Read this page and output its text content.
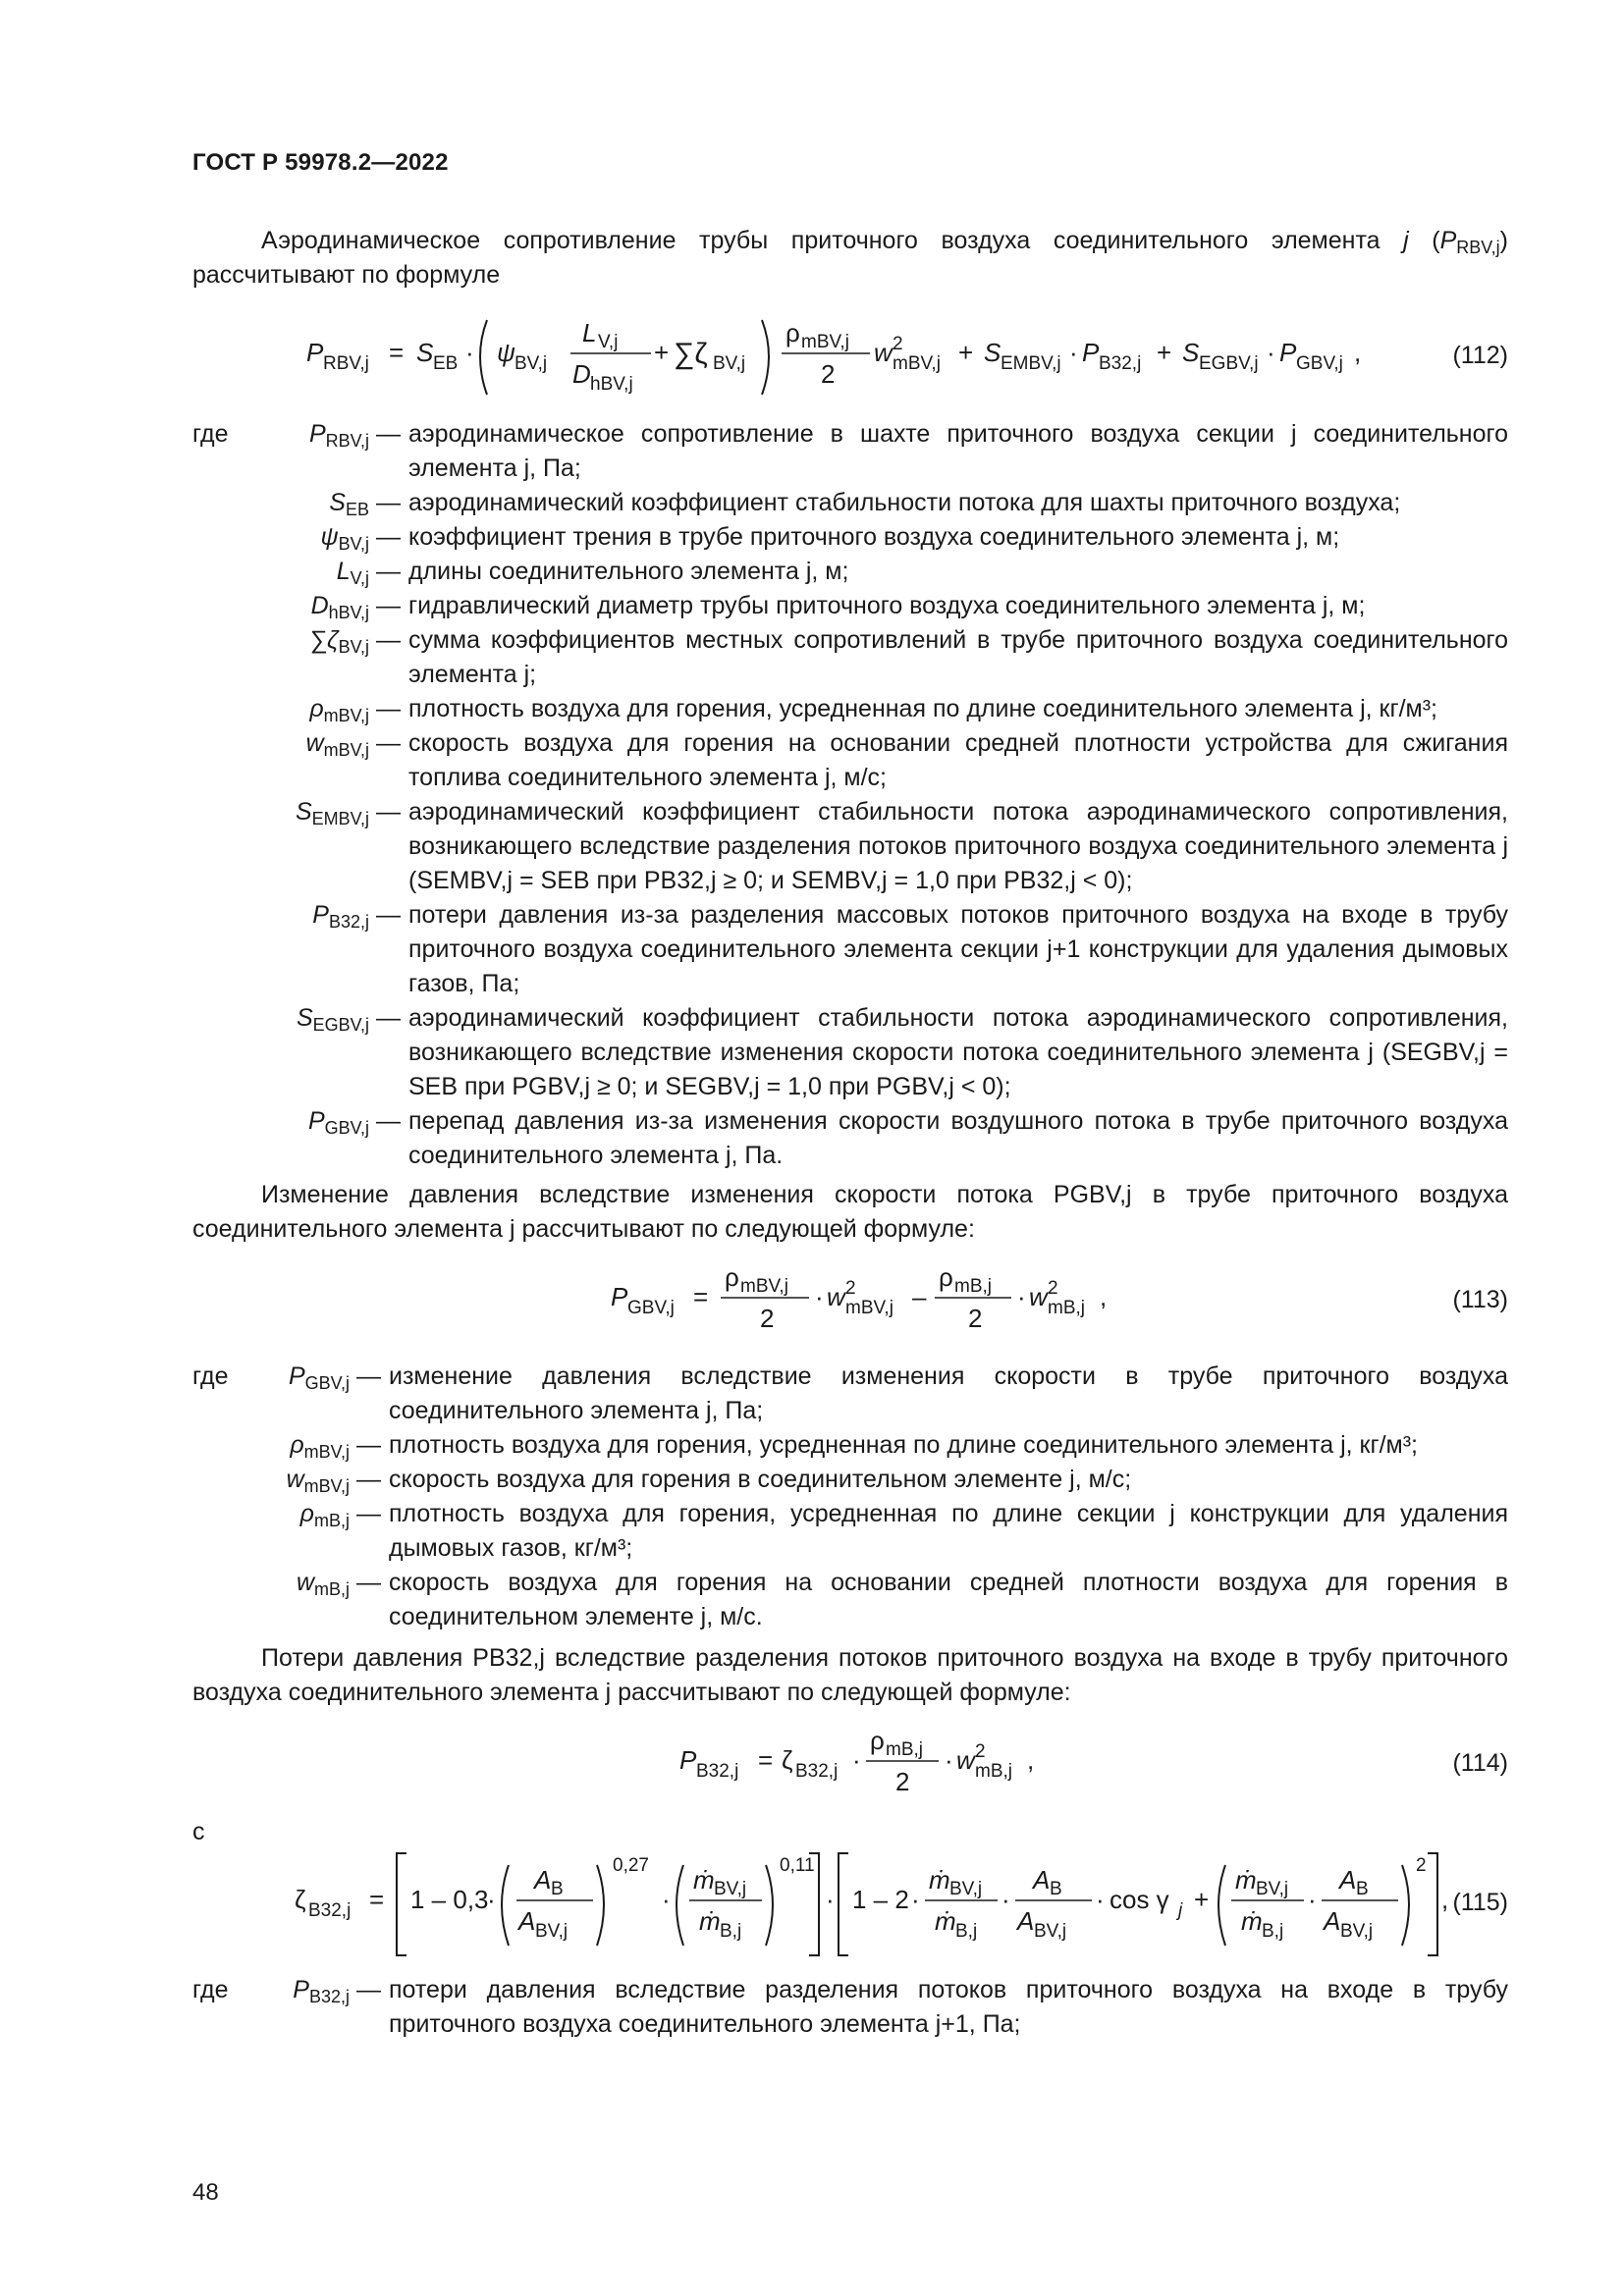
ГОСТ Р 59978.2—2022
Аэродинамическое сопротивление трубы приточного воздуха соединительного элемента j $(P_{RBV,j})$ рассчитывают по формуле
P RBV,j = S EB · ψ BV,j
L V,j
D hBV,j
+ ∑ζ BV,j
ρ mBV,j
2
w 2
mBV,j + S EMBV,j · P B32,j + S EGBV,j · P GBV,j ,	(112)
где	$P_{RBV,j}$ — аэродинамическое сопротивление в шахте приточного воздуха секции j соединительного элемента j, Па;
$S_{EB}$ — аэродинамический коэффициент стабильности потока для шахты приточного воздуха;
$\psi_{BV,j}$ — коэффициент трения в трубе приточного воздуха соединительного элемента j, м;
$L_{V,j}$ — длины соединительного элемента j, м;
$D_{hBV,j}$ — гидравлический диаметр трубы приточного воздуха соединительного элемента j, м;
$\sum\zeta_{BV,j}$ — сумма коэффициентов местных сопротивлений в трубе приточного воздуха соединительного элемента j;
$\rho_{mBV,j}$ — плотность воздуха для горения, усредненная по длине соединительного элемента j, кг/м³;
$w_{mBV,j}$ — скорость воздуха для горения на основании средней плотности устройства для сжигания топлива соединительного элемента j, м/с;
$S_{EMBV,j}$ — аэродинамический коэффициент стабильности потока аэродинамического сопротивления, возникающего вследствие разделения потоков приточного воздуха соединительного элемента j (SEMBV,j = SEB при PB32,j ≥ 0; и SEMBV,j = 1,0 при PB32,j < 0);
$P_{B32,j}$ — потери давления из-за разделения массовых потоков приточного воздуха на входе в трубу приточного воздуха соединительного элемента секции j+1 конструкции для удаления дымовых газов, Па;
$S_{EGBV,j}$ — аэродинамический коэффициент стабильности потока аэродинамического сопротивления, возникающего вследствие изменения скорости потока соединительного элемента j (SEGBV,j = SEB при PGBV,j ≥ 0; и SEGBV,j = 1,0 при PGBV,j < 0);
$P_{GBV,j}$ — перепад давления из-за изменения скорости воздушного потока в трубе приточного воздуха соединительного элемента j, Па.
Изменение давления вследствие изменения скорости потока PGBV,j в трубе приточного воздуха соединительного элемента j рассчитывают по следующей формуле:
P GBV,j =
ρ mBV,j
2
· w 2
mBV,j –
ρ mB,j
2
· w 2
mB,j ,	(113)
где	$P_{GBV,j}$ — изменение давления вследствие изменения скорости в трубе приточного воздуха соединительного элемента j, Па;
$\rho_{mBV,j}$ — плотность воздуха для горения, усредненная по длине соединительного элемента j, кг/м³;
$w_{mBV,j}$ — скорость воздуха для горения в соединительном элементе j, м/с;
$\rho_{mB,j}$ — плотность воздуха для горения, усредненная по длине секции j конструкции для удаления дымовых газов, кг/м³;
$w_{mB,j}$ — скорость воздуха для горения на основании средней плотности воздуха для горения в соединительном элементе j, м/с.
Потери давления PB32,j вследствие разделения потоков приточного воздуха на входе в трубу приточного воздуха соединительного элемента j рассчитывают по следующей формуле:
P B32,j = ζ B32,j ·
ρ mB,j
2
· w 2
mB,j ,	(114)
с
ζ B32,j = 1 – 0,3
·
A B
A BV,j
0,27
·
ṁ BV,j
ṁ B,j
0,11
· 1 – 2 ·
ṁ BV,j
ṁ B,j
·
A B
A BV,j
· cos γ j +
ṁ BV,j
ṁ B,j
·
A B
A BV,j
2
, (115)
где	$P_{B32,j}$ — потери давления вследствие разделения потоков приточного воздуха на входе в трубу приточного воздуха соединительного элемента j+1, Па;
48
